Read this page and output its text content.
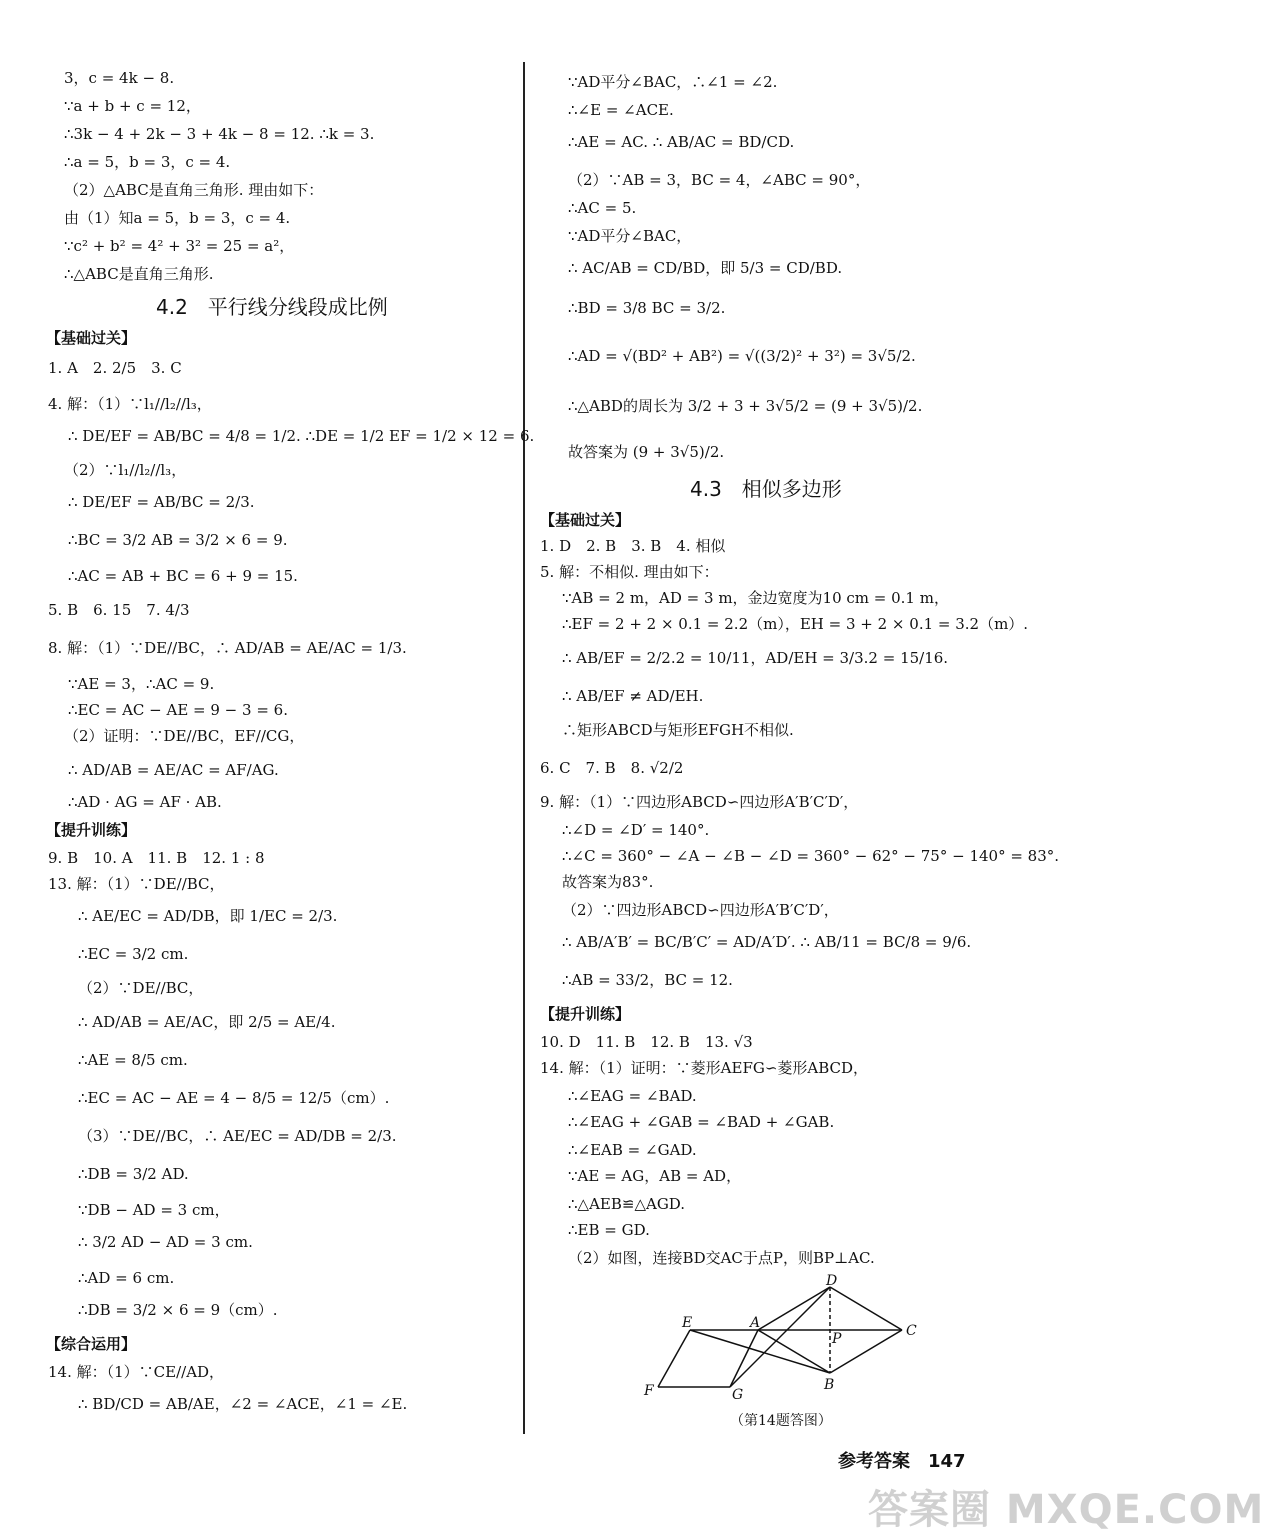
3，c = 4k − 8.
∵a + b + c = 12，
∴3k − 4 + 2k − 3 + 4k − 8 = 12. ∴k = 3.
∴a = 5，b = 3，c = 4.
（2）△ABC是直角三角形. 理由如下：
由（1）知a = 5，b = 3，c = 4.
∵c² + b² = 4² + 3² = 25 = a²，
∴△ABC是直角三角形.
4.2　平行线分线段成比例
【基础过关】
1. A　2. 2/5　3. C
4. 解：（1）∵l₁//l₂//l₃，
∴ DE/EF = AB/BC = 4/8 = 1/2. ∴DE = 1/2 EF = 1/2 × 12 = 6.
（2）∵l₁//l₂//l₃，
∴ DE/EF = AB/BC = 2/3.
∴BC = 3/2 AB = 3/2 × 6 = 9.
∴AC = AB + BC = 6 + 9 = 15.
5. B　6. 15　7. 4/3
8. 解：（1）∵DE//BC，∴ AD/AB = AE/AC = 1/3.
∵AE = 3，∴AC = 9.
∴EC = AC − AE = 9 − 3 = 6.
（2）证明：∵DE//BC，EF//CG，
∴ AD/AB = AE/AC = AF/AG.
∴AD · AG = AF · AB.
【提升训练】
9. B　10. A　11. B　12. 1 : 8
13. 解：（1）∵DE//BC，
∴ AE/EC = AD/DB，即 1/EC = 2/3.
∴EC = 3/2 cm.
（2）∵DE//BC，
∴ AD/AB = AE/AC，即 2/5 = AE/4.
∴AE = 8/5 cm.
∴EC = AC − AE = 4 − 8/5 = 12/5（cm）.
（3）∵DE//BC，∴ AE/EC = AD/DB = 2/3.
∴DB = 3/2 AD.
∵DB − AD = 3 cm，
∴ 3/2 AD − AD = 3 cm.
∴AD = 6 cm.
∴DB = 3/2 × 6 = 9（cm）.
【综合运用】
14. 解：（1）∵CE//AD，
∴ BD/CD = AB/AE，∠2 = ∠ACE，∠1 = ∠E.
∵AD平分∠BAC，∴∠1 = ∠2.
∴∠E = ∠ACE.
∴AE = AC. ∴ AB/AC = BD/CD.
（2）∵AB = 3，BC = 4，∠ABC = 90°，
∴AC = 5.
∵AD平分∠BAC，
∴ AC/AB = CD/BD，即 5/3 = CD/BD.
∴BD = 3/8 BC = 3/2.
∴AD = √(BD² + AB²) = √((3/2)² + 3²) = 3√5/2.
∴△ABD的周长为 3/2 + 3 + 3√5/2 = (9 + 3√5)/2.
故答案为 (9 + 3√5)/2.
4.3　相似多边形
【基础过关】
1. D　2. B　3. B　4. 相似
5. 解：不相似. 理由如下：
∵AB = 2 m，AD = 3 m，金边宽度为10 cm = 0.1 m，
∴EF = 2 + 2 × 0.1 = 2.2（m），EH = 3 + 2 × 0.1 = 3.2（m）.
∴ AB/EF = 2/2.2 = 10/11，AD/EH = 3/3.2 = 15/16.
∴ AB/EF ≠ AD/EH.
∴矩形ABCD与矩形EFGH不相似.
6. C　7. B　8. √2/2
9. 解：（1）∵四边形ABCD∽四边形A′B′C′D′，
∴∠D = ∠D′ = 140°.
∴∠C = 360° − ∠A − ∠B − ∠D = 360° − 62° − 75° − 140° = 83°.
故答案为83°.
（2）∵四边形ABCD∽四边形A′B′C′D′，
∴ AB/A′B′ = BC/B′C′ = AD/A′D′. ∴ AB/11 = BC/8 = 9/6.
∴AB = 33/2，BC = 12.
【提升训练】
10. D　11. B　12. B　13. √3
14. 解：（1）证明：∵菱形AEFG∽菱形ABCD，
∴∠EAG = ∠BAD.
∴∠EAG + ∠GAB = ∠BAD + ∠GAB.
∴∠EAB = ∠GAD.
∵AE = AG，AB = AD，
∴△AEB≌△AGD.
∴EB = GD.
（2）如图，连接BD交AC于点P，则BP⊥AC.
D
E	A
P	C
B
F	G
（第14题答图）
参考答案　147
答案圈 MXQE.COM
